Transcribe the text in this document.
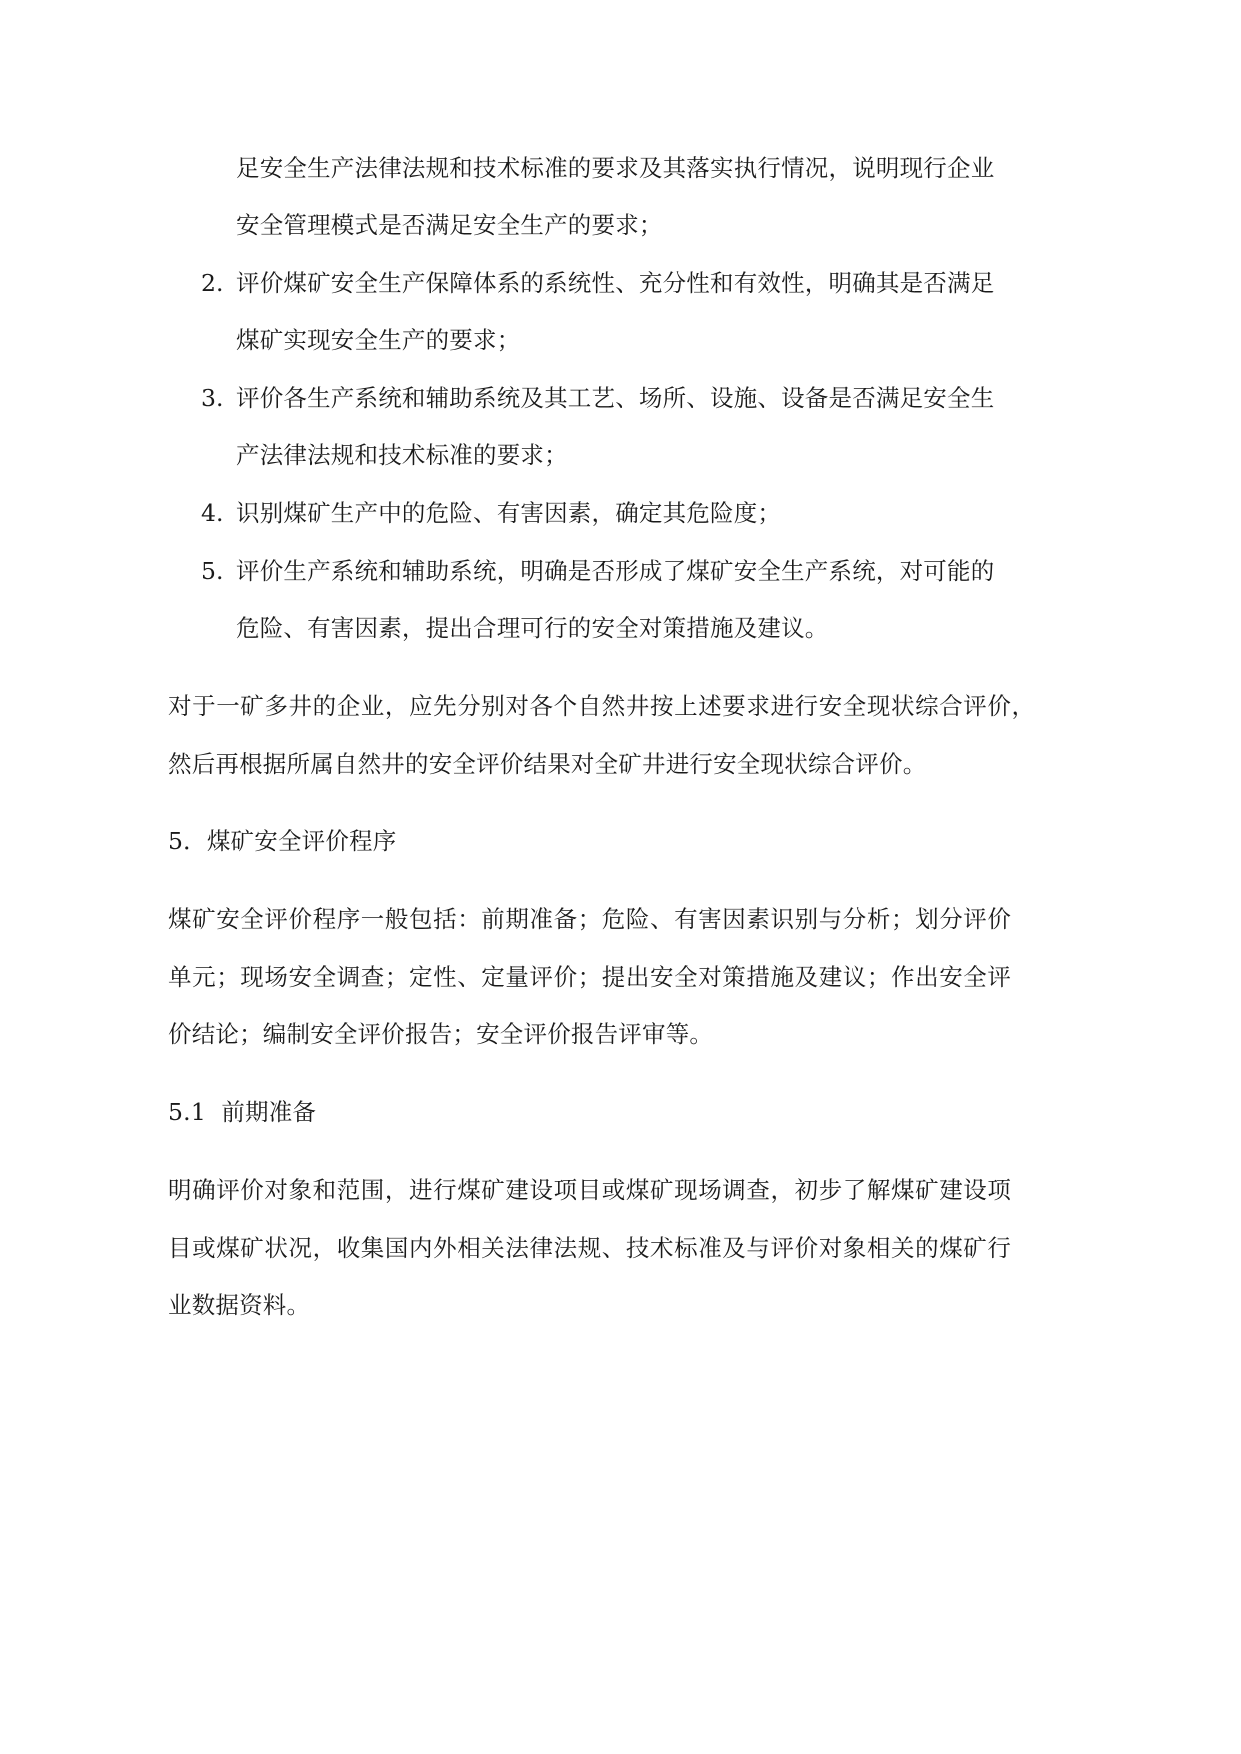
足安全生产法律法规和技术标准的要求及其落实执行情况，说明现行企业
安全管理模式是否满足安全生产的要求；
2. 评价煤矿安全生产保障体系的系统性、充分性和有效性，明确其是否满足
煤矿实现安全生产的要求；
3. 评价各生产系统和辅助系统及其工艺、场所、设施、设备是否满足安全生
产法律法规和技术标准的要求；
4. 识别煤矿生产中的危险、有害因素，确定其危险度；
5. 评价生产系统和辅助系统，明确是否形成了煤矿安全生产系统，对可能的
危险、有害因素，提出合理可行的安全对策措施及建议。
对于一矿多井的企业，应先分别对各个自然井按上述要求进行安全现状综合评价，
然后再根据所属自然井的安全评价结果对全矿井进行安全现状综合评价。
5．煤矿安全评价程序
煤矿安全评价程序一般包括：前期准备；危险、有害因素识别与分析；划分评价
单元；现场安全调查；定性、定量评价；提出安全对策措施及建议；作出安全评
价结论；编制安全评价报告；安全评价报告评审等。
5.1  前期准备
明确评价对象和范围，进行煤矿建设项目或煤矿现场调查，初步了解煤矿建设项
目或煤矿状况，收集国内外相关法律法规、技术标准及与评价对象相关的煤矿行
业数据资料。
